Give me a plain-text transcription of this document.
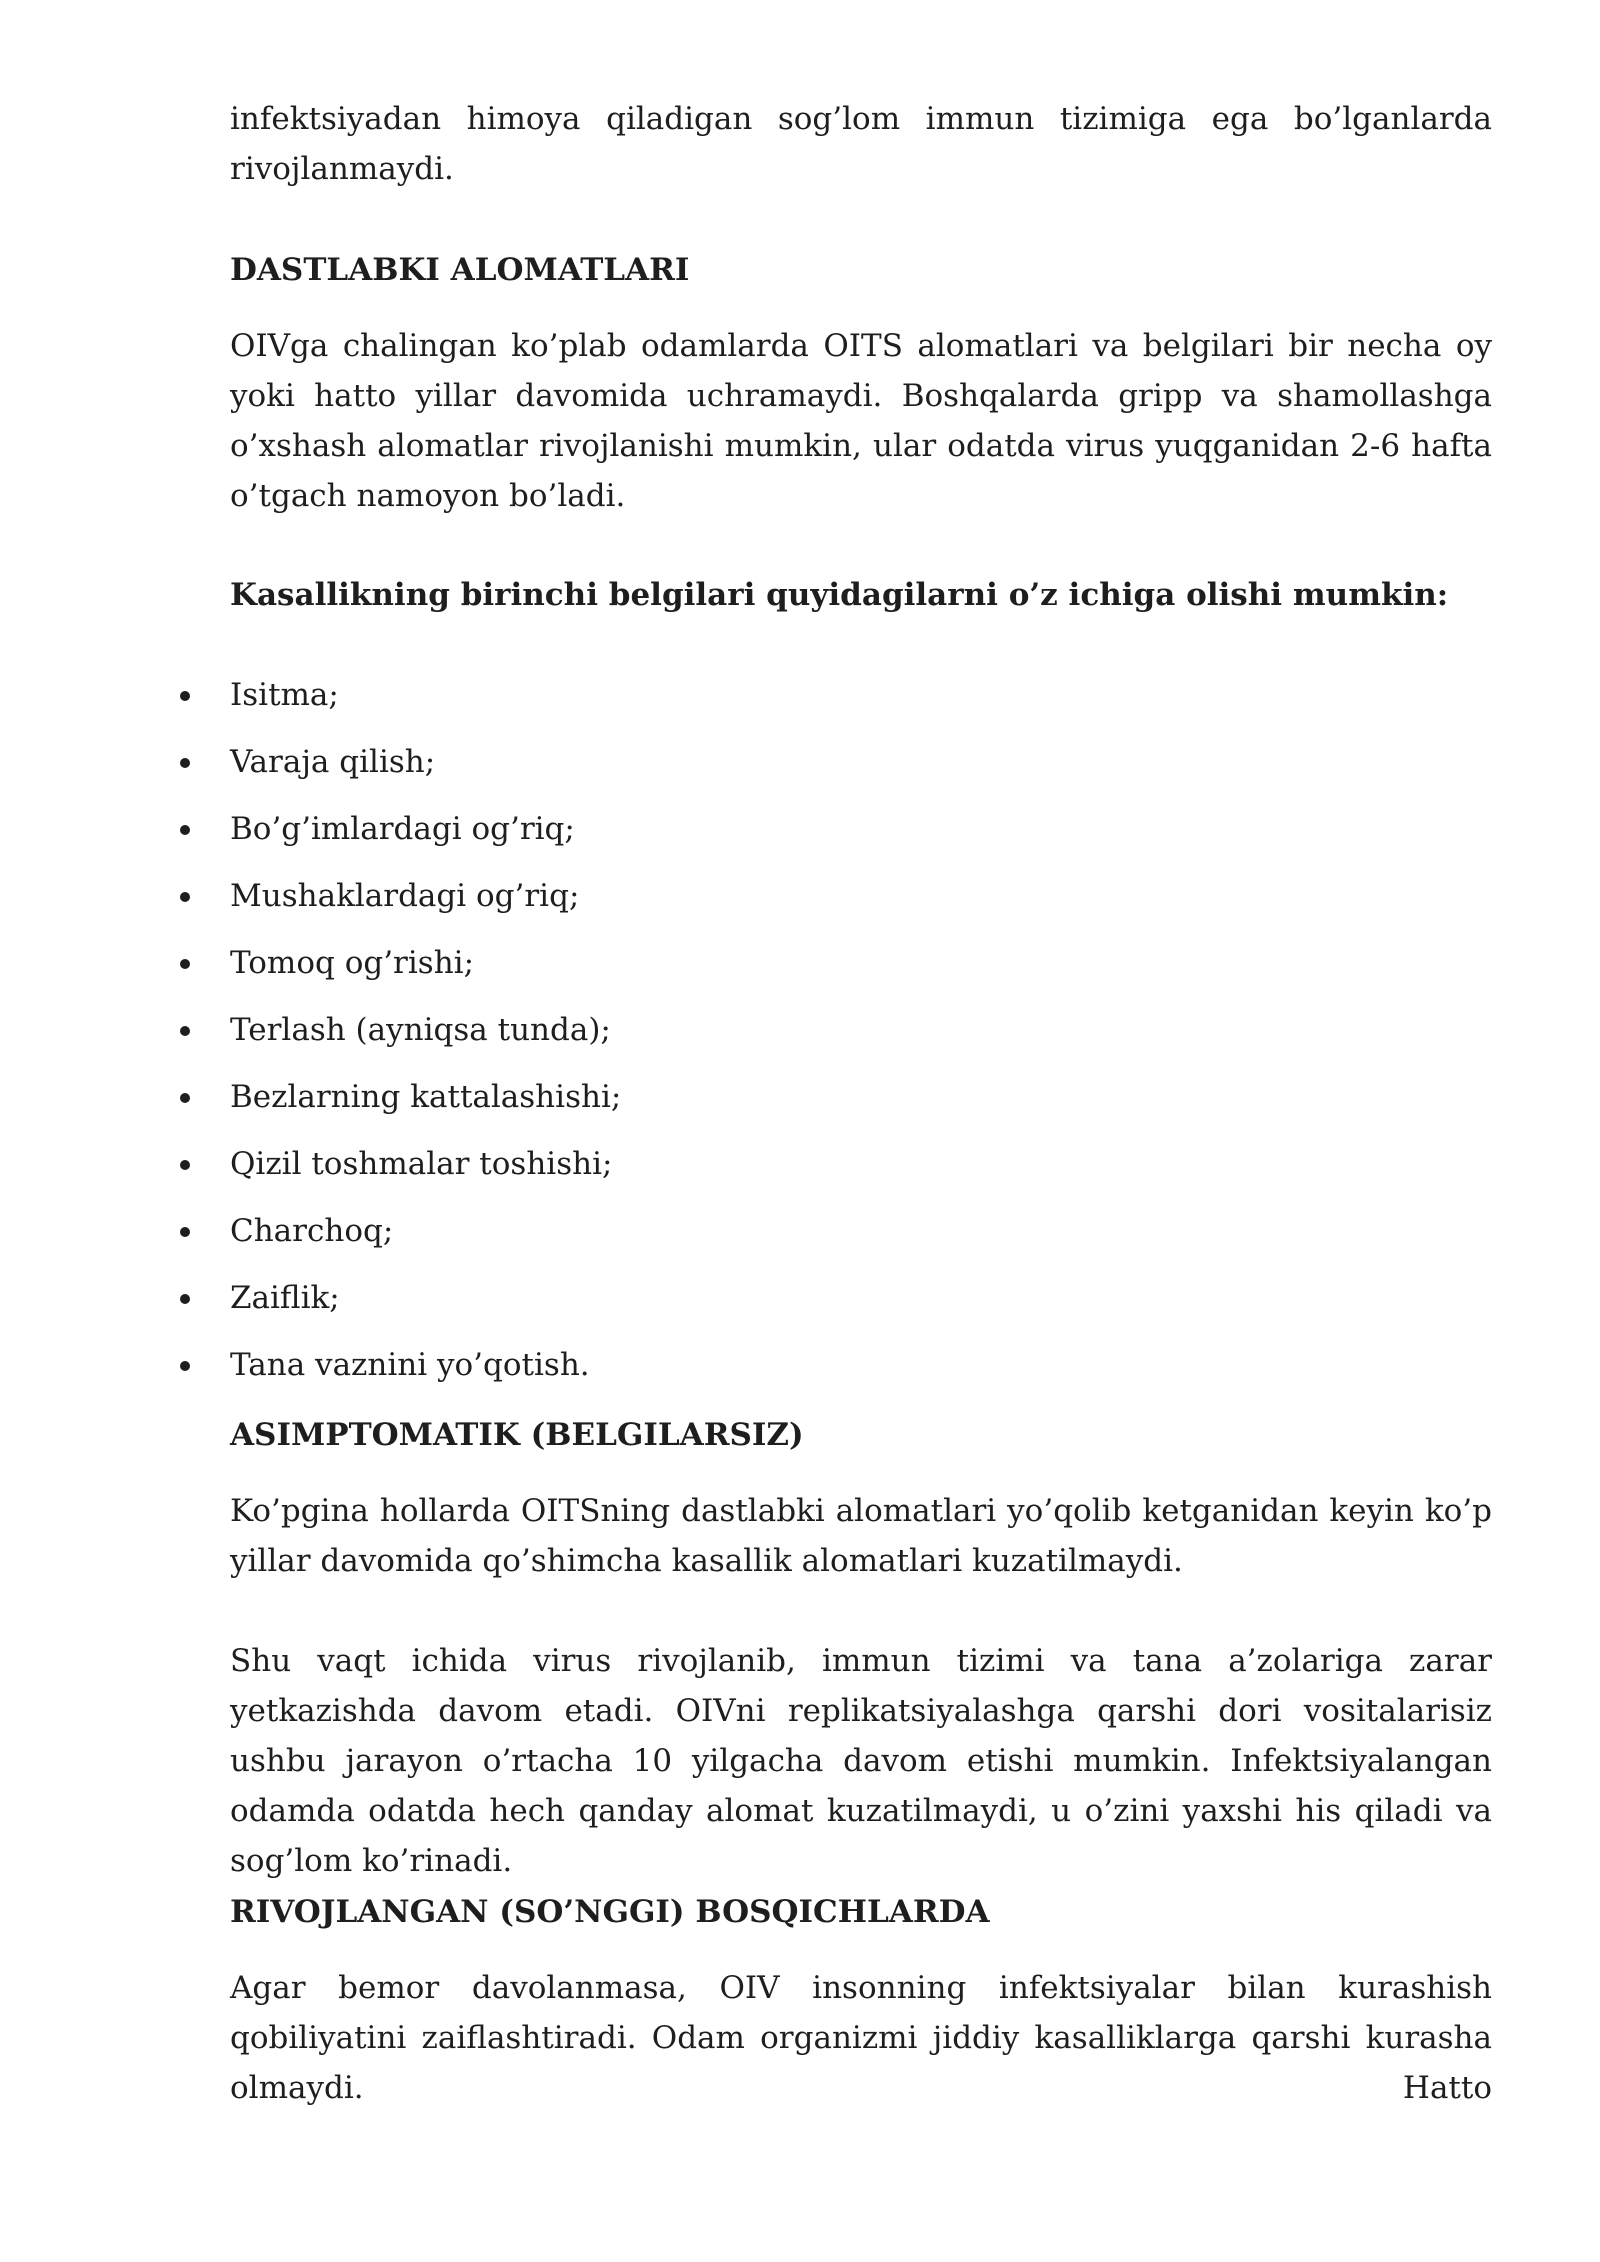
infektsiyadan himoya qiladigan sog’lom immun tizimiga ega bo’lganlarda rivojlanmaydi.

DASTLABKI ALOMATLARI

OIVga chalingan ko’plab odamlarda OITS alomatlari va belgilari bir necha oy yoki hatto yillar davomida uchramaydi. Boshqalarda gripp va shamollashga o’xshash alomatlar rivojlanishi mumkin, ular odatda virus yuqganidan 2-6 hafta o’tgach namoyon bo’ladi.

Kasallikning birinchi belgilari quyidagilarni o’z ichiga olishi mumkin:

Isitma;
Varaja qilish;
Bo’g’imlardagi og’riq;
Mushaklardagi og’riq;
Tomoq og’rishi;
Terlash (ayniqsa tunda);
Bezlarning kattalashishi;
Qizil toshmalar toshishi;
Charchoq;
Zaiflik;
Tana vaznini yo’qotish.

ASIMPTOMATIK (BELGILARSIZ)

Ko’pgina hollarda OITSning dastlabki alomatlari yo’qolib ketganidan keyin ko’p yillar davomida qo’shimcha kasallik alomatlari kuzatilmaydi.

Shu vaqt ichida virus rivojlanib, immun tizimi va tana a’zolariga zarar yetkazishda davom etadi. OIVni replikatsiyalashga qarshi dori vositalarisiz ushbu jarayon o’rtacha 10 yilgacha davom etishi mumkin. Infektsiyalangan odamda odatda hech qanday alomat kuzatilmaydi, u o’zini yaxshi his qiladi va sog’lom ko’rinadi.

RIVOJLANGAN (SO’NGGI) BOSQICHLARDA

Agar bemor davolanmasa, OIV insonning infektsiyalar bilan kurashish qobiliyatini zaiflashtiradi. Odam organizmi jiddiy kasalliklarga qarshi kurasha olmaydi. Hatto
